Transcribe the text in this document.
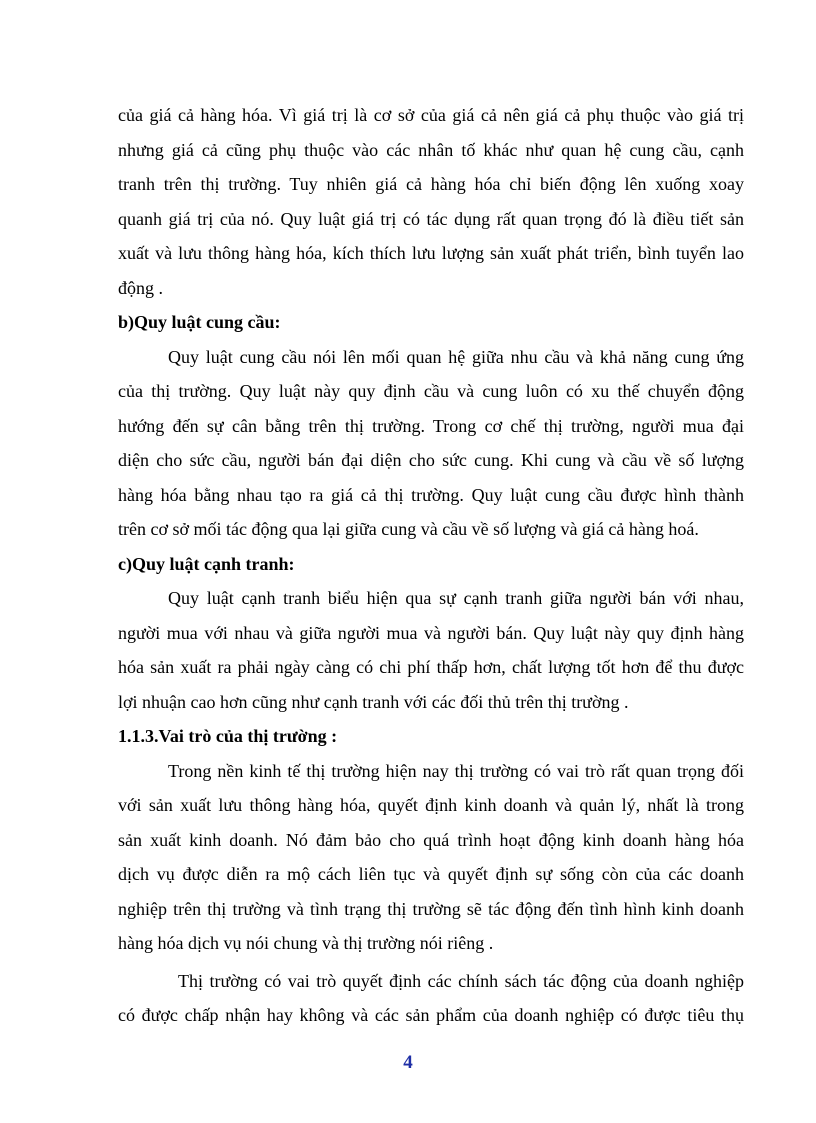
của giá cả hàng hóa. Vì giá trị là cơ sở của giá cả nên giá cả phụ thuộc vào giá trị
nhưng giá cả cũng phụ thuộc vào các nhân tố khác như quan hệ cung cầu, cạnh
tranh trên thị trường. Tuy nhiên giá cả hàng hóa chỉ biến động lên xuống xoay
quanh giá trị của nó. Quy luật giá trị có tác dụng rất quan trọng đó là điều tiết sản
xuất và lưu thông hàng hóa, kích thích lưu lượng sản xuất phát triển, bình tuyển lao
động .

b)Quy luật cung cầu:

Quy luật cung cầu nói lên mối quan hệ giữa nhu cầu và khả năng cung ứng
của thị trường. Quy luật này quy định cầu và cung luôn có xu thế chuyển động
hướng đến sự cân bằng trên thị trường. Trong cơ chế thị trường, người mua đại
diện cho sức cầu, người bán đại diện cho sức cung. Khi cung và cầu về số lượng
hàng hóa bằng nhau tạo ra giá cả thị trường. Quy luật cung cầu được hình thành
trên cơ sở mối tác động qua lại giữa cung và cầu về số lượng và giá cả hàng hoá.

c)Quy luật cạnh tranh:

Quy luật cạnh tranh biểu hiện qua sự cạnh tranh giữa người bán với nhau,
người mua với nhau và giữa người mua và người bán. Quy luật này quy định hàng
hóa sản xuất ra phải ngày càng có chi phí thấp hơn, chất lượng tốt hơn để thu được
lợi nhuận cao hơn cũng như cạnh tranh với các đối thủ trên thị trường .

1.1.3.Vai trò của thị trường :

Trong nền kinh tế thị trường hiện nay thị trường có vai trò rất quan trọng đối
với sản xuất lưu thông hàng hóa, quyết định kinh doanh và quản lý, nhất là trong
sản xuất kinh doanh. Nó đảm bảo cho quá trình hoạt động kinh doanh hàng hóa
dịch vụ được diễn ra mộ cách liên tục và quyết định sự sống còn của các doanh
nghiệp trên thị trường và tình trạng thị trường sẽ tác động đến tình hình kinh doanh
hàng hóa dịch vụ nói chung và thị trường nói riêng .

Thị trường có vai trò quyết định các chính sách tác động của doanh nghiệp
có được chấp nhận hay không và các sản phẩm của doanh nghiệp có được tiêu thụ

4
